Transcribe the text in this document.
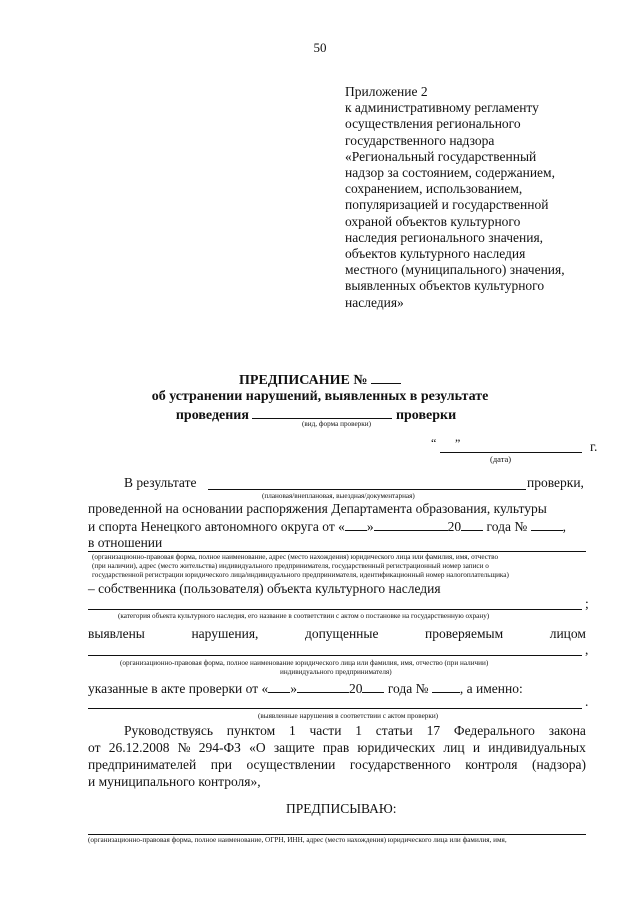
50
Приложение 2
к административному регламенту
осуществления регионального
государственного надзора
«Региональный государственный
надзор за состоянием, содержанием,
сохранением, использованием,
популяризацией и государственной
охраной объектов культурного
наследия регионального значения,
объектов культурного наследия
местного (муниципального) значения,
выявленных объектов культурного
наследия»
ПРЕДПИСАНИЕ №
об устранении нарушений, выявленных в результате
проведения	проверки
(вид, форма проверки)
“ ”	г.
(дата)
В результате	проверки,
(плановая/внеплановая, выездная/документарная)
проведенной на основании распоряжения Департамента образования, культуры
и спорта Ненецкого автономного округа от « »	20 года №	,
в отношении
(организационно-правовая форма, полное наименование, адрес (место нахождения) юридического лица или фамилия, имя, отчество
(при наличии), адрес (место жительства) индивидуального предпринимателя, государственный регистрационный номер записи о
государственной регистрации юридического лица/индивидуального предпринимателя, идентификационный номер налогоплательщика)
– собственника (пользователя) объекта культурного наследия
;
(категория объекта культурного наследия, его название в соответствии с актом о постановке на государственную охрану)
выявлены	нарушения,	допущенные	проверяемым	лицом
,
(организационно-правовая форма, полное наименование юридического лица или фамилия, имя, отчество (при наличии)
индивидуального предпринимателя)
указанные в акте проверки от « »	20 года № , а именно:
.
(выявленные нарушения в соответствии с актом проверки)
Руководствуясь пунктом 1 части 1 статьи 17 Федерального закона
от 26.12.2008 № 294-ФЗ «О защите прав юридических лиц и индивидуальных
предпринимателей при осуществлении государственного контроля (надзора)
и муниципального контроля»,
ПРЕДПИСЫВАЮ:
(организационно-правовая форма, полное наименование, ОГРН, ИНН, адрес (место нахождения) юридического лица или фамилия, имя,
